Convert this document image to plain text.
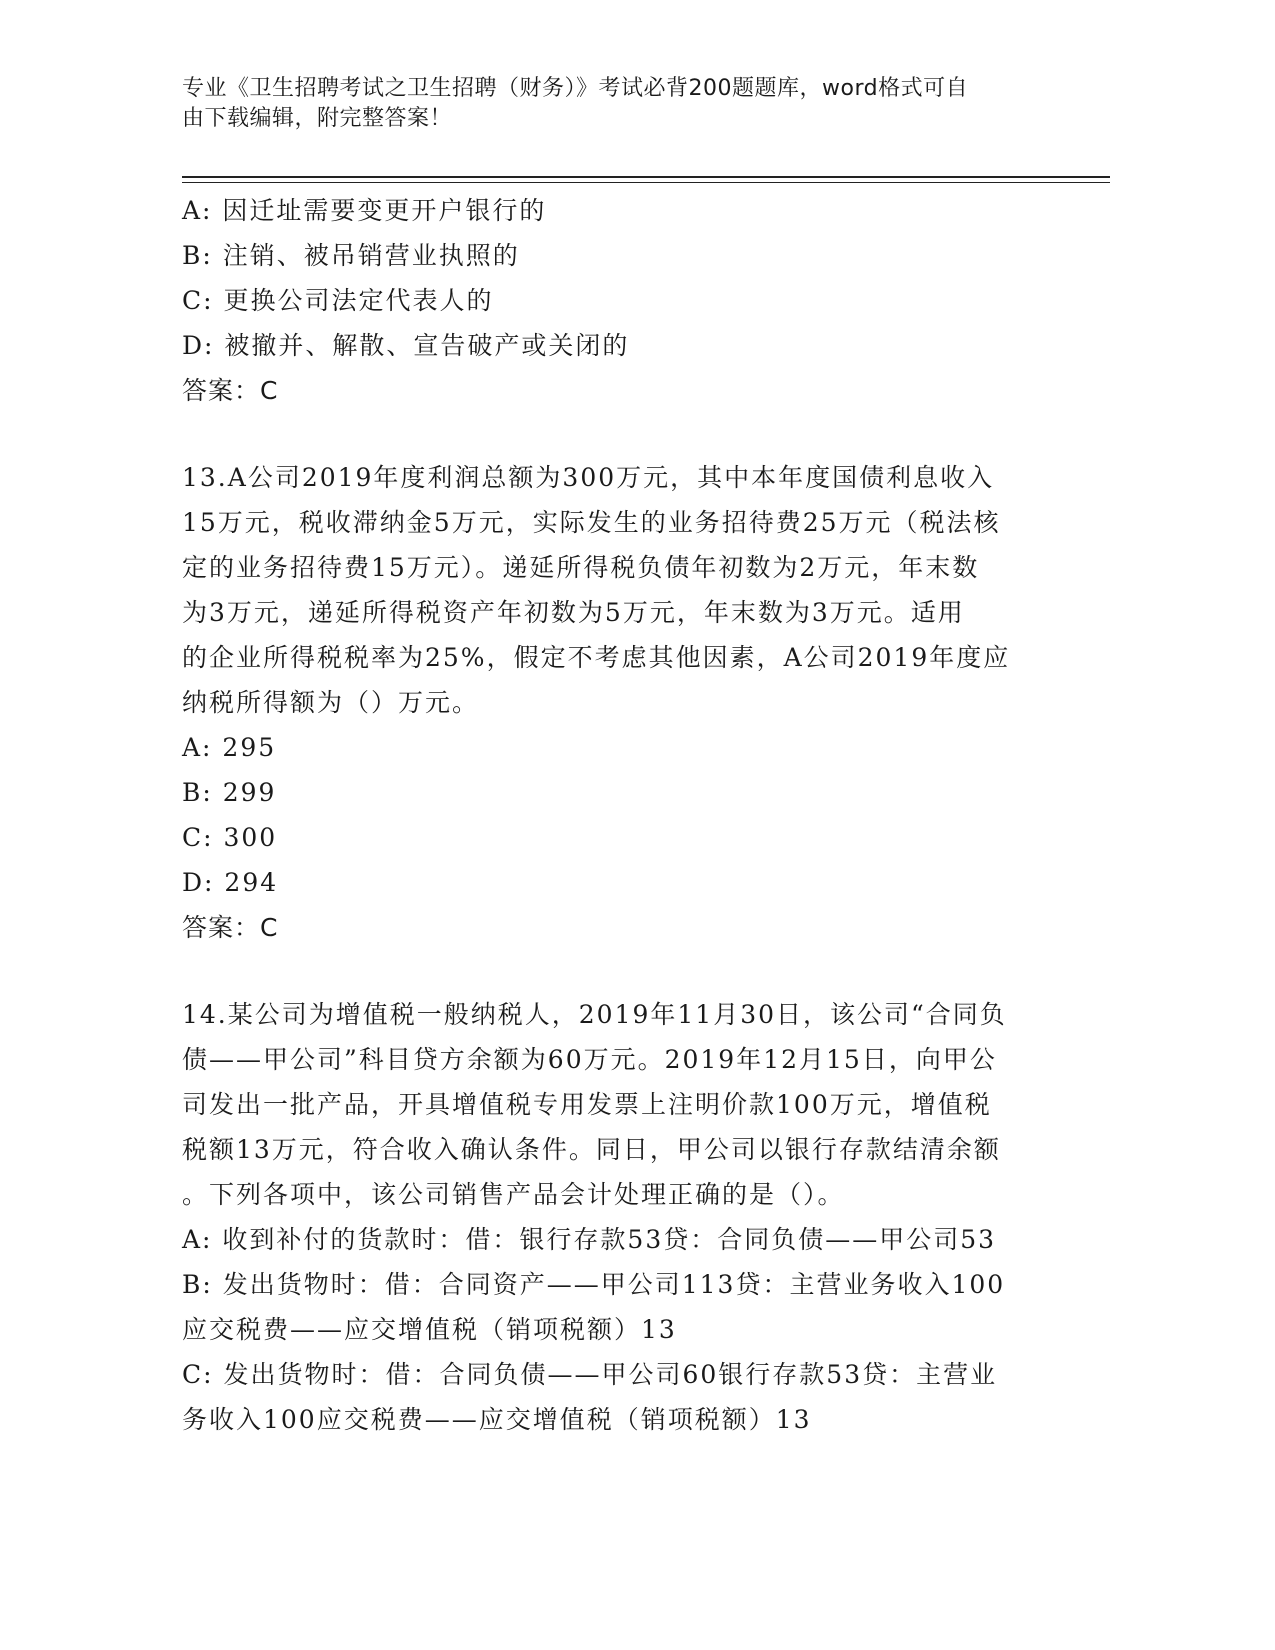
专业《卫生招聘考试之卫生招聘（财务）》考试必背200题题库，word格式可自
由下载编辑，附完整答案！
A: 因迁址需要变更开户银行的
B: 注销、被吊销营业执照的
C: 更换公司法定代表人的
D: 被撤并、解散、宣告破产或关闭的
答案：C
13.A公司2019年度利润总额为300万元，其中本年度国债利息收入
15万元，税收滞纳金5万元，实际发生的业务招待费25万元（税法核
定的业务招待费15万元）。递延所得税负债年初数为2万元，年末数
为3万元，递延所得税资产年初数为5万元，年末数为3万元。适用
的企业所得税税率为25%，假定不考虑其他因素，A公司2019年度应
纳税所得额为（）万元。
A: 295
B: 299
C: 300
D: 294
答案：C
14.某公司为增值税一般纳税人，2019年11月30日，该公司“合同负
债——甲公司”科目贷方余额为60万元。2019年12月15日，向甲公
司发出一批产品，开具增值税专用发票上注明价款100万元，增值税
税额13万元，符合收入确认条件。同日，甲公司以银行存款结清余额
。下列各项中，该公司销售产品会计处理正确的是（）。
A: 收到补付的货款时：借：银行存款53贷：合同负债——甲公司53
B: 发出货物时：借：合同资产——甲公司113贷：主营业务收入100
应交税费——应交增值税（销项税额）13
C: 发出货物时：借：合同负债——甲公司60银行存款53贷：主营业
务收入100应交税费——应交增值税（销项税额）13
